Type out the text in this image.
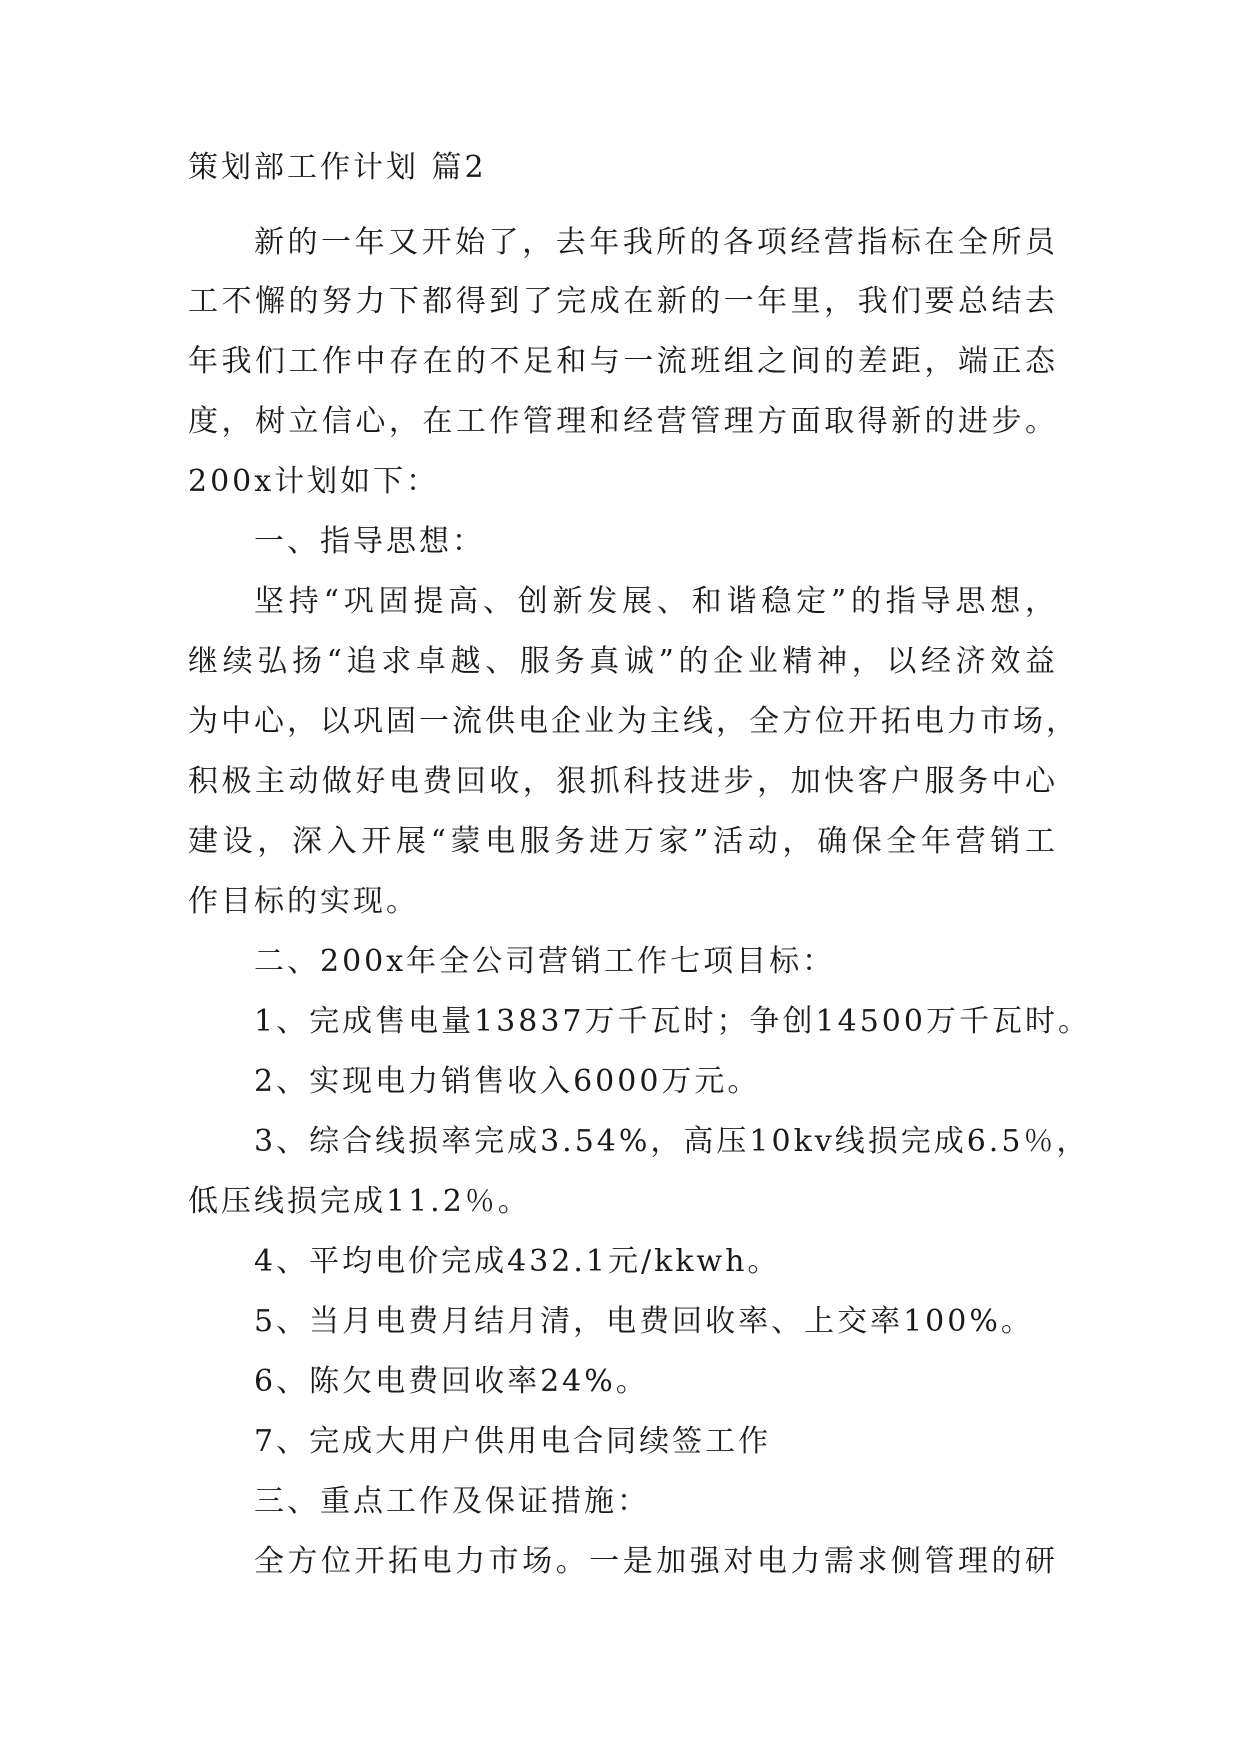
策划部工作计划 篇2
新的一年又开始了，去年我所的各项经营指标在全所员
工不懈的努力下都得到了完成在新的一年里，我们要总结去
年我们工作中存在的不足和与一流班组之间的差距，端正态
度，树立信心，在工作管理和经营管理方面取得新的进步。
200x计划如下：
一、指导思想：
坚持“巩固提高、创新发展、和谐稳定”的指导思想，
继续弘扬“追求卓越、服务真诚”的企业精神，以经济效益
为中心，以巩固一流供电企业为主线，全方位开拓电力市场，
积极主动做好电费回收，狠抓科技进步，加快客户服务中心
建设，深入开展“蒙电服务进万家”活动，确保全年营销工
作目标的实现。
二、200x年全公司营销工作七项目标：
1、完成售电量13837万千瓦时；争创14500万千瓦时。
2、实现电力销售收入6000万元。
3、综合线损率完成3.54%，高压10kv线损完成6.5％，
低压线损完成11.2％。
4、平均电价完成432.1元/kkwh。
5、当月电费月结月清，电费回收率、上交率100%。
6、陈欠电费回收率24%。
7、完成大用户供用电合同续签工作
三、重点工作及保证措施：
全方位开拓电力市场。一是加强对电力需求侧管理的研
